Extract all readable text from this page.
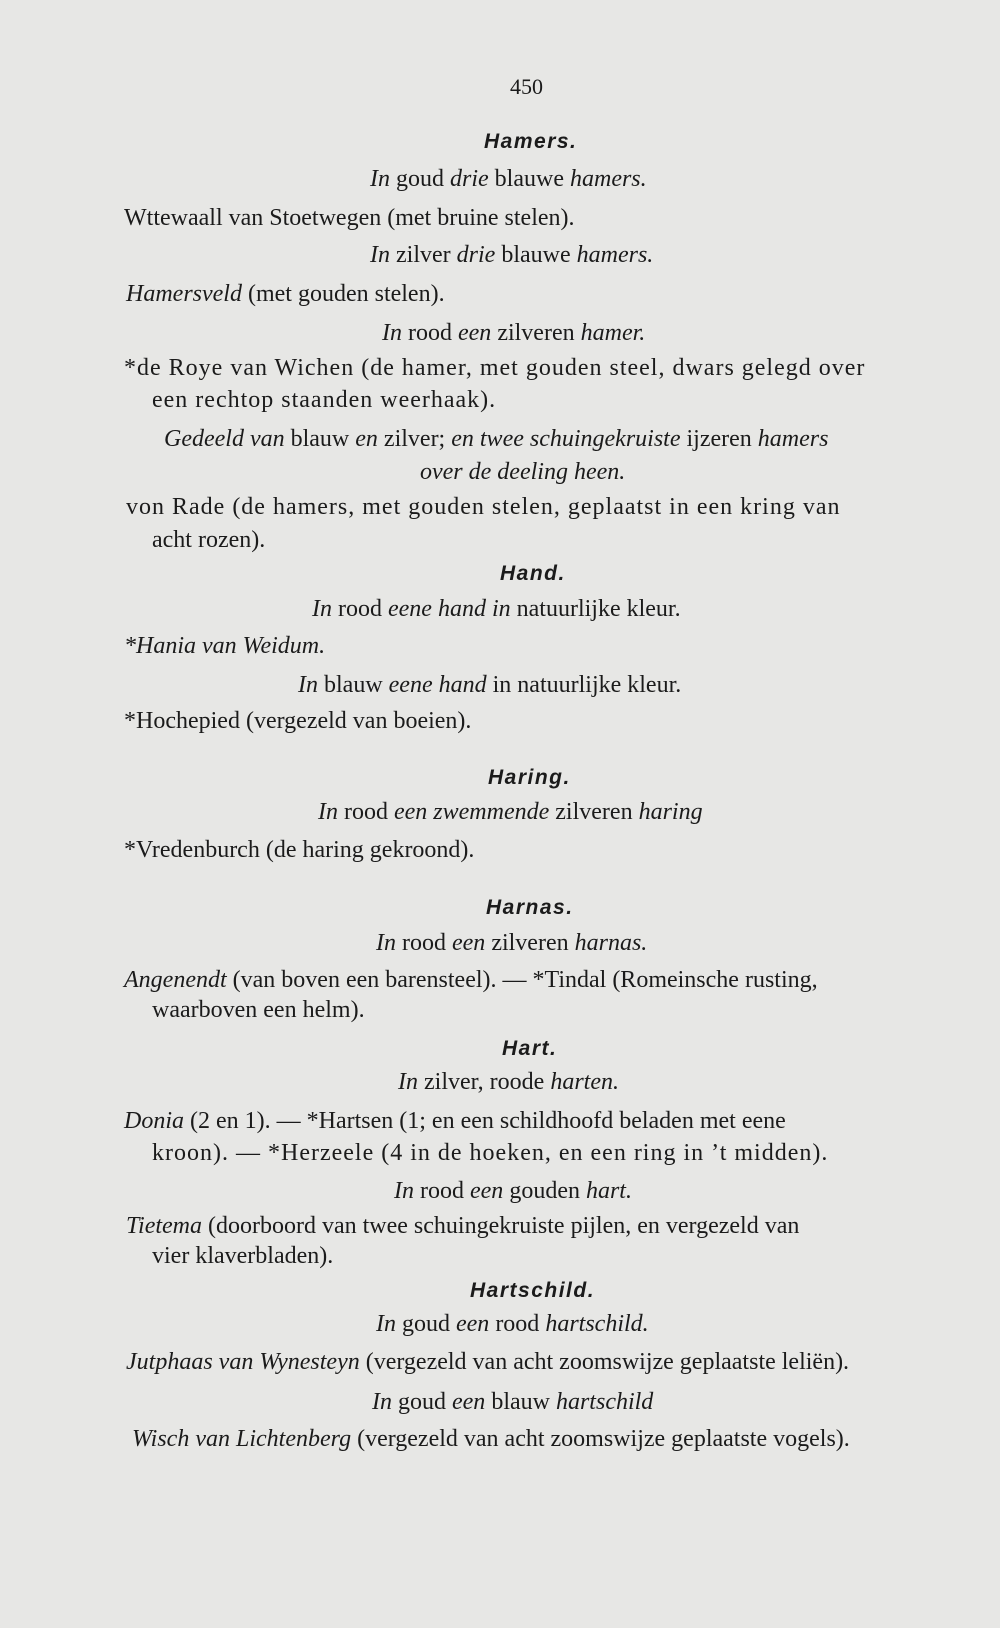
450
Hamers.
In goud drie blauwe hamers.
Wttewaall van Stoetwegen (met bruine stelen).
In zilver drie blauwe hamers.
Hamersveld (met gouden stelen).
In rood een zilveren hamer.
*de Roye van Wichen (de hamer, met gouden steel, dwars gelegd over
een rechtop staanden weerhaak).
Gedeeld van blauw en zilver; en twee schuingekruiste ijzeren hamers
over de deeling heen.
von Rade (de hamers, met gouden stelen, geplaatst in een kring van
acht rozen).
Hand.
In rood eene hand in natuurlijke kleur.
*Hania van Weidum.
In blauw eene hand in natuurlijke kleur.
*Hochepied (vergezeld van boeien).
Haring.
In rood een zwemmende zilveren haring
*Vredenburch (de haring gekroond).
Harnas.
In rood een zilveren harnas.
Angenendt (van boven een barensteel). — *Tindal (Romeinsche rusting,
waarboven een helm).
Hart.
In zilver, roode harten.
Donia (2 en 1). — *Hartsen (1; en een schildhoofd beladen met eene
kroon). — *Herzeele (4 in de hoeken, en een ring in ’t midden).
In rood een gouden hart.
Tietema (doorboord van twee schuingekruiste pijlen, en vergezeld van
vier klaverbladen).
Hartschild.
In goud een rood hartschild.
Jutphaas van Wynesteyn (vergezeld van acht zoomswijze geplaatste leliën).
In goud een blauw hartschild
Wisch van Lichtenberg (vergezeld van acht zoomswijze geplaatste vogels).
